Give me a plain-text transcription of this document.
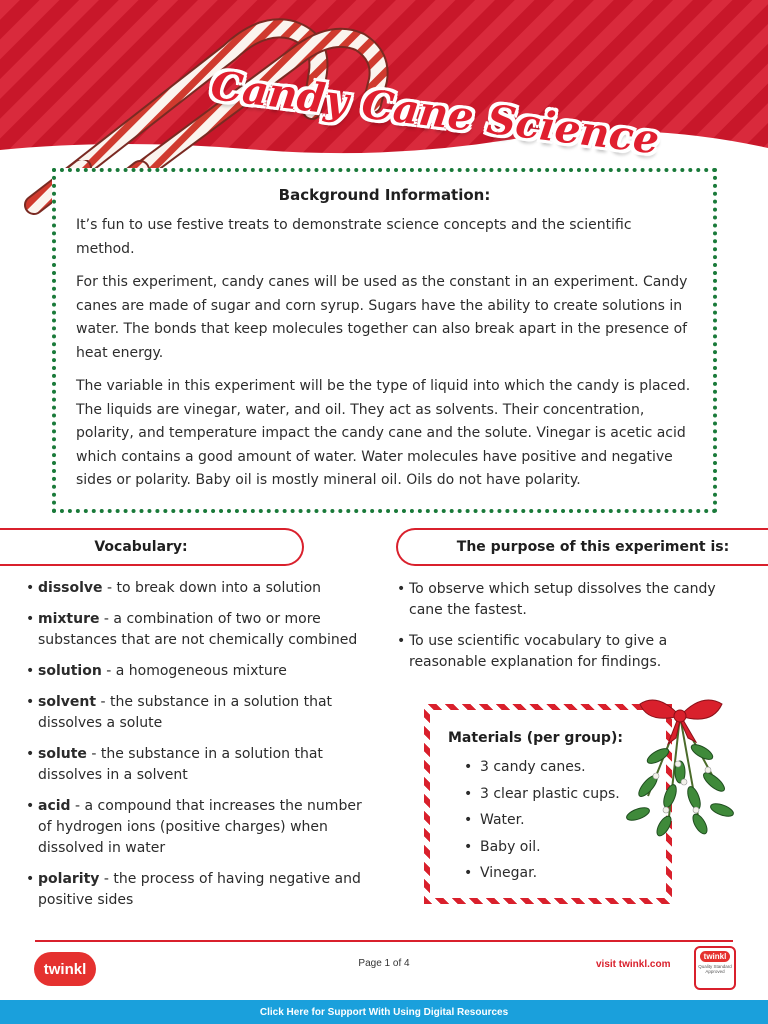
Candy Cane Science
Background Information:

It’s fun to use festive treats to demonstrate science concepts and the scientific method.

For this experiment, candy canes will be used as the constant in an experiment. Candy canes are made of sugar and corn syrup. Sugars have the ability to create solutions in water. The bonds that keep molecules together can also break apart in the presence of heat energy.

The variable in this experiment will be the type of liquid into which the candy is placed. The liquids are vinegar, water, and oil. They act as solvents. Their concentration, polarity, and temperature impact the candy cane and the solute. Vinegar is acetic acid which contains a good amount of water. Water molecules have positive and negative sides or polarity. Baby oil is mostly mineral oil. Oils do not have polarity.

Vocabulary:	The purpose of this experiment is:
• dissolve - to break down into a solution
• mixture - a combination of two or more substances that are not chemically combined
• solution - a homogeneous mixture
• solvent - the substance in a solution that dissolves a solute
• solute - the substance in a solution that dissolves in a solvent
• acid - a compound that increases the number of hydrogen ions (positive charges) when dissolved in water
• polarity - the process of having negative and positive sides
• To observe which setup dissolves the candy cane the fastest.
• To use scientific vocabulary to give a reasonable explanation for findings.
Materials (per group):
• 3 candy canes.
• 3 clear plastic cups.
• Water.
• Baby oil.
• Vinegar.
twinkl	Page 1 of 4	visit twinkl.com
twinkl
Quality Standard Approved
Click Here for Support With Using Digital Resources
